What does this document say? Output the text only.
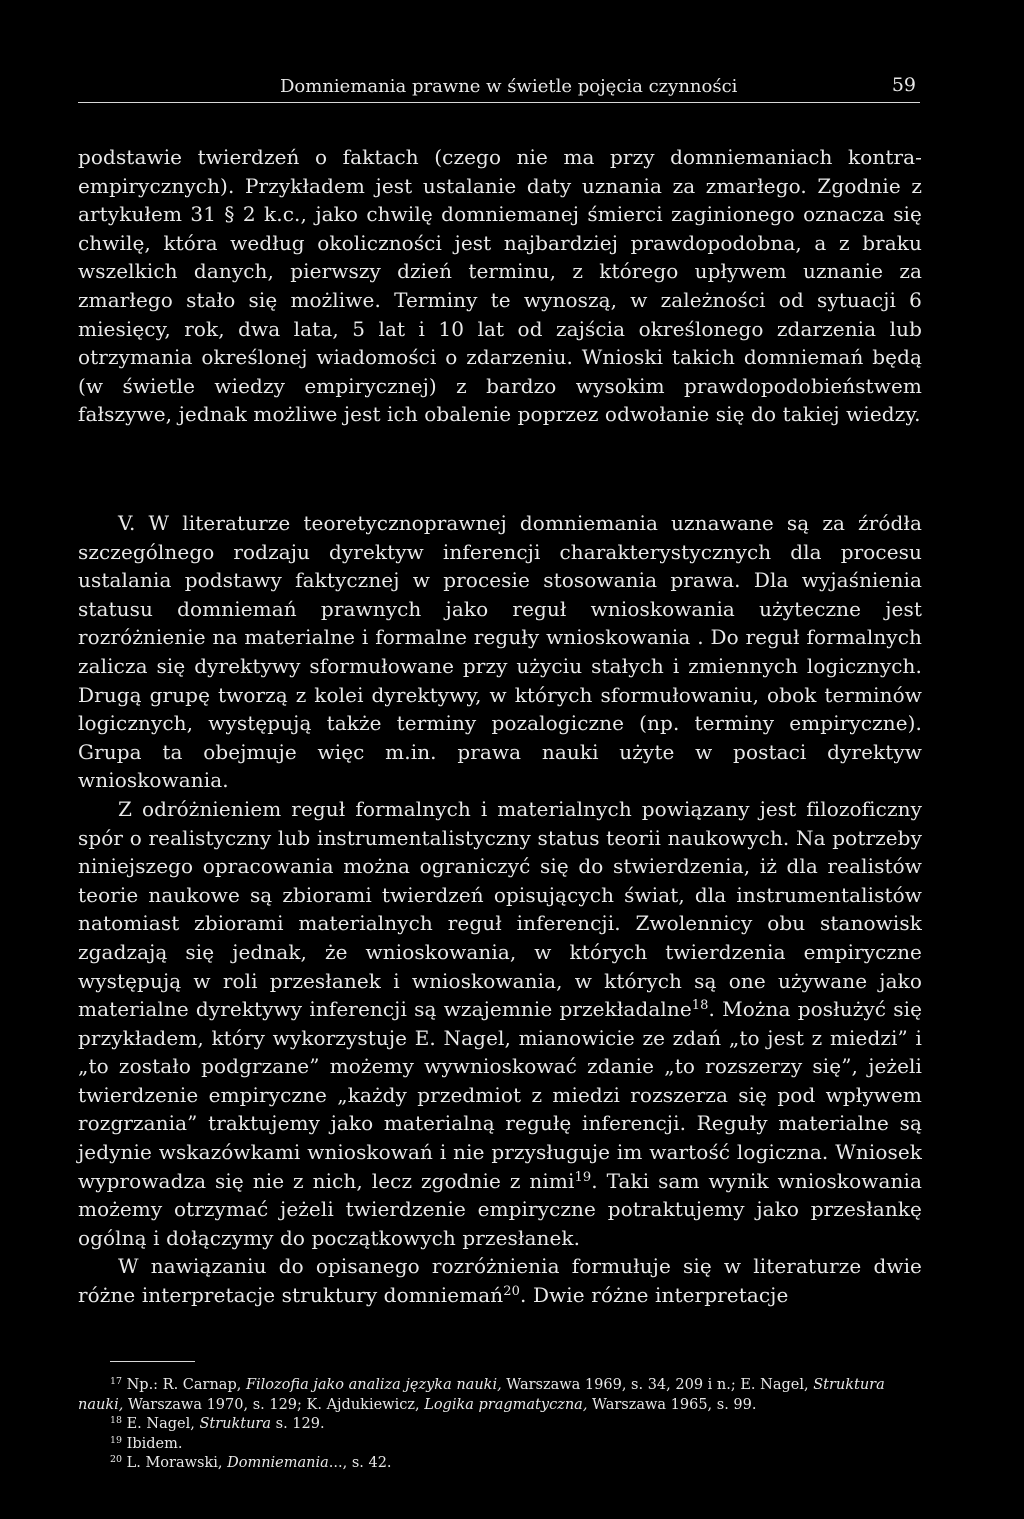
Domniemania prawne w świetle pojęcia czynności	59

podstawie twierdzeń o faktach (czego nie ma przy domniemaniach kontra-empirycznych). Przykładem jest ustalanie daty uznania za zmarłego. Zgodnie z artykułem 31 § 2 k.c., jako chwilę domniemanej śmierci zaginionego oznacza się chwilę, która według okoliczności jest najbardziej prawdopodobna, a z braku wszelkich danych, pierwszy dzień terminu, z którego upływem uznanie za zmarłego stało się możliwe. Terminy te wynoszą, w zależności od sytuacji 6 miesięcy, rok, dwa lata, 5 lat i 10 lat od zajścia określonego zdarzenia lub otrzymania określonej wiadomości o zdarzeniu. Wnioski takich domniemań będą (w świetle wiedzy empirycznej) z bardzo wysokim prawdopodobieństwem fałszywe, jednak możliwe jest ich obalenie poprzez odwołanie się do takiej wiedzy.

V. W literaturze teoretycznoprawnej domniemania uznawane są za źródła szczególnego rodzaju dyrektyw inferencji charakterystycznych dla procesu ustalania podstawy faktycznej w procesie stosowania prawa. Dla wyjaśnienia statusu domniemań prawnych jako reguł wnioskowania użyteczne jest rozróżnienie na materialne i formalne reguły wnioskowania . Do reguł formalnych zalicza się dyrektywy sformułowane przy użyciu stałych i zmiennych logicznych. Drugą grupę tworzą z kolei dyrektywy, w których sformułowaniu, obok terminów logicznych, występują także terminy pozalogiczne (np. terminy empiryczne). Grupa ta obejmuje więc m.in. prawa nauki użyte w postaci dyrektyw wnioskowania.

Z odróżnieniem reguł formalnych i materialnych powiązany jest filozoficzny spór o realistyczny lub instrumentalistyczny status teorii naukowych. Na potrzeby niniejszego opracowania można ograniczyć się do stwierdzenia, iż dla realistów teorie naukowe są zbiorami twierdzeń opisujących świat, dla instrumentalistów natomiast zbiorami materialnych reguł inferencji. Zwolennicy obu stanowisk zgadzają się jednak, że wnioskowania, w których twierdzenia empiryczne występują w roli przesłanek i wnioskowania, w których są one używane jako materialne dyrektywy inferencji są wzajemnie przekładalne$^{18}$. Można posłużyć się przykładem, który wykorzystuje E. Nagel, mianowicie ze zdań „to jest z miedzi” i „to zostało podgrzane” możemy wywnioskować zdanie „to rozszerzy się”, jeżeli twierdzenie empiryczne „każdy przedmiot z miedzi rozszerza się pod wpływem rozgrzania” traktujemy jako materialną regułę inferencji. Reguły materialne są jedynie wskazówkami wnioskowań i nie przysługuje im wartość logiczna. Wniosek wyprowadza się nie z nich, lecz zgodnie z nimi$^{19}$. Taki sam wynik wnioskowania możemy otrzymać jeżeli twierdzenie empiryczne potraktujemy jako przesłankę ogólną i dołączymy do początkowych przesłanek.

W nawiązaniu do opisanego rozróżnienia formułuje się w literaturze dwie różne interpretacje struktury domniemań$^{20}$. Dwie różne interpretacje

$^{17}$ Np.: R. Carnap, Filozofia jako analiza języka nauki, Warszawa 1969, s. 34, 209 i n.; E. Nagel, Struktura nauki, Warszawa 1970, s. 129; K. Ajdukiewicz, Logika pragmatyczna, Warszawa 1965, s. 99.

$^{18}$ E. Nagel, Struktura s. 129.

$^{19}$ Ibidem.

$^{20}$ L. Morawski, Domniemania..., s. 42.
